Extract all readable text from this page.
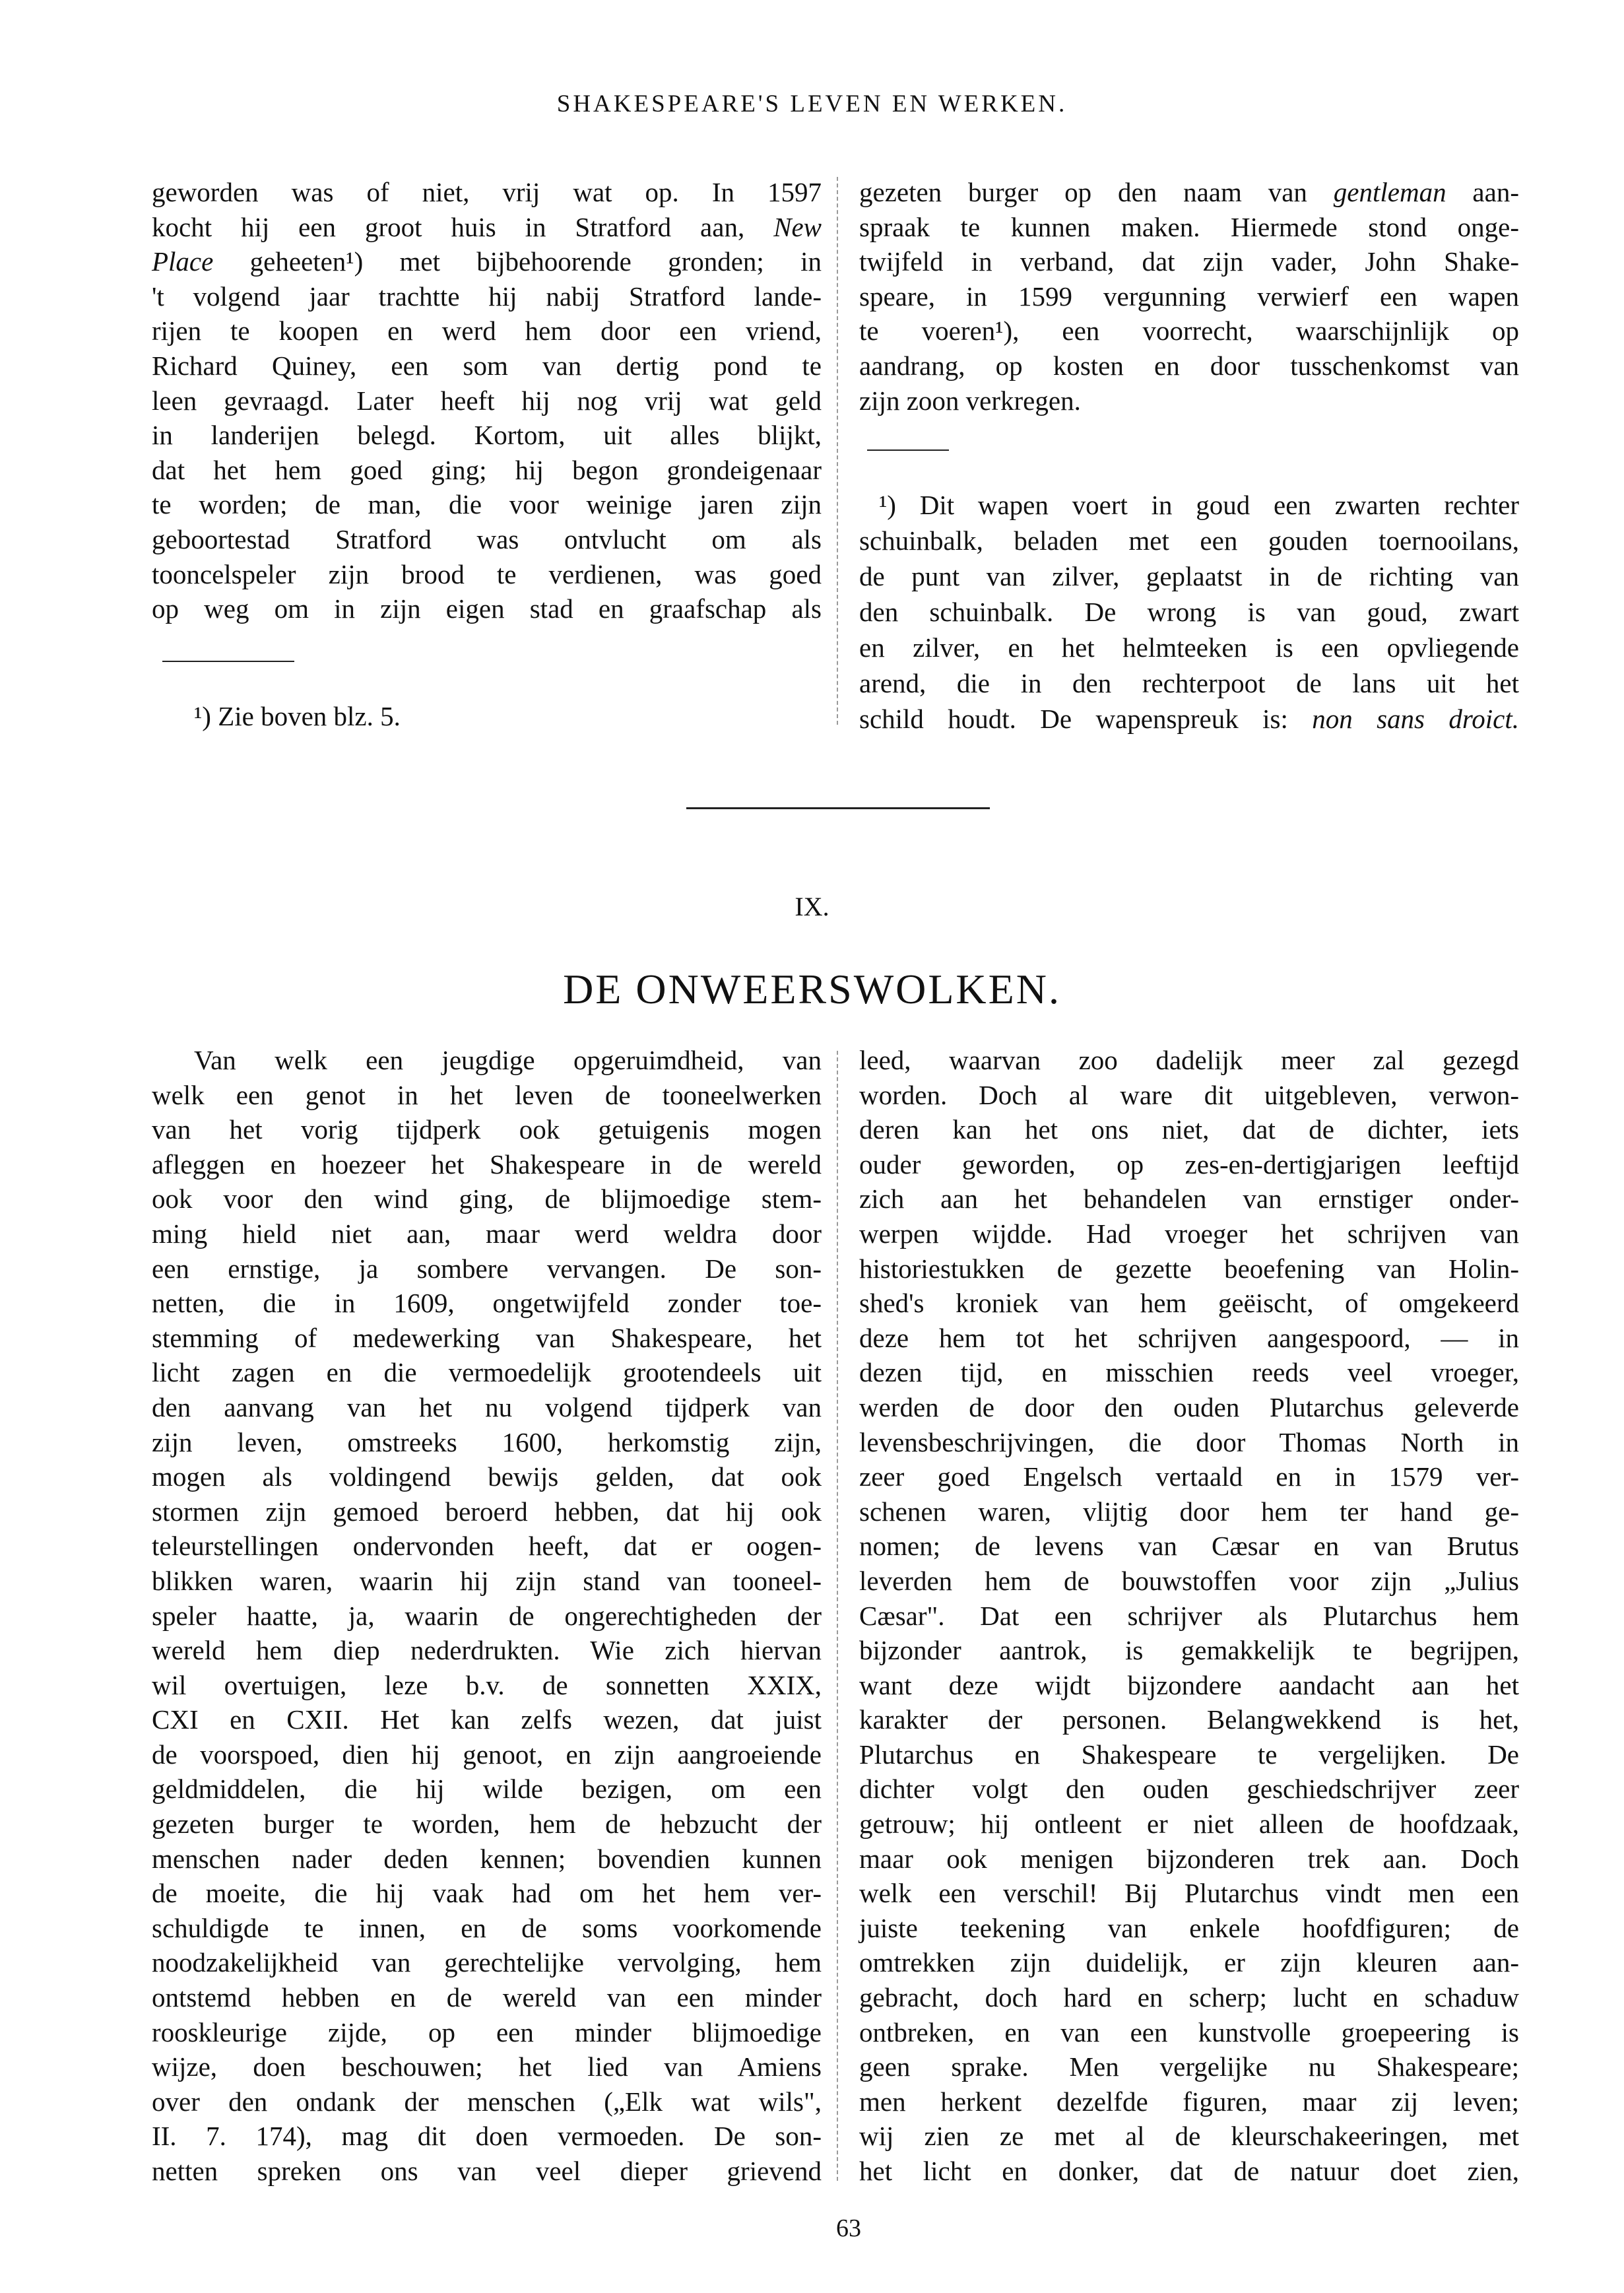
SHAKESPEARE'S LEVEN EN WERKEN.
geworden was of niet, vrij wat op. In 1597
kocht hij een groot huis in Stratford aan, New
Place geheeten¹) met bijbehoorende gronden; in
't volgend jaar trachtte hij nabij Stratford lande-
rijen te koopen en werd hem door een vriend,
Richard Quiney, een som van dertig pond te
leen gevraagd. Later heeft hij nog vrij wat geld
in landerijen belegd. Kortom, uit alles blijkt,
dat het hem goed ging; hij begon grondeigenaar
te worden; de man, die voor weinige jaren zijn
geboortestad Stratford was ontvlucht om als
tooncelspeler zijn brood te verdienen, was goed
op weg om in zijn eigen stad en graafschap als
¹) Zie boven blz. 5.
gezeten burger op den naam van gentleman aan-
spraak te kunnen maken. Hiermede stond onge-
twijfeld in verband, dat zijn vader, John Shake-
speare, in 1599 vergunning verwierf een wapen
te voeren¹), een voorrecht, waarschijnlijk op
aandrang, op kosten en door tusschenkomst van
zijn zoon verkregen.
¹) Dit wapen voert in goud een zwarten rechter
schuinbalk, beladen met een gouden toernooilans,
de punt van zilver, geplaatst in de richting van
den schuinbalk. De wrong is van goud, zwart
en zilver, en het helmteeken is een opvliegende
arend, die in den rechterpoot de lans uit het
schild houdt. De wapenspreuk is: non sans droict.
IX.
DE ONWEERSWOLKEN.
Van welk een jeugdige opgeruimdheid, van
welk een genot in het leven de tooneelwerken
van het vorig tijdperk ook getuigenis mogen
afleggen en hoezeer het Shakespeare in de wereld
ook voor den wind ging, de blijmoedige stem-
ming hield niet aan, maar werd weldra door
een ernstige, ja sombere vervangen. De son-
netten, die in 1609, ongetwijfeld zonder toe-
stemming of medewerking van Shakespeare, het
licht zagen en die vermoedelijk grootendeels uit
den aanvang van het nu volgend tijdperk van
zijn leven, omstreeks 1600, herkomstig zijn,
mogen als voldingend bewijs gelden, dat ook
stormen zijn gemoed beroerd hebben, dat hij ook
teleurstellingen ondervonden heeft, dat er oogen-
blikken waren, waarin hij zijn stand van tooneel-
speler haatte, ja, waarin de ongerechtigheden der
wereld hem diep nederdrukten. Wie zich hiervan
wil overtuigen, leze b.v. de sonnetten XXIX,
CXI en CXII. Het kan zelfs wezen, dat juist
de voorspoed, dien hij genoot, en zijn aangroeiende
geldmiddelen, die hij wilde bezigen, om een
gezeten burger te worden, hem de hebzucht der
menschen nader deden kennen; bovendien kunnen
de moeite, die hij vaak had om het hem ver-
schuldigde te innen, en de soms voorkomende
noodzakelijkheid van gerechtelijke vervolging, hem
ontstemd hebben en de wereld van een minder
rooskleurige zijde, op een minder blijmoedige
wijze, doen beschouwen; het lied van Amiens
over den ondank der menschen („Elk wat wils",
II. 7. 174), mag dit doen vermoeden. De son-
netten spreken ons van veel dieper grievend
leed, waarvan zoo dadelijk meer zal gezegd
worden. Doch al ware dit uitgebleven, verwon-
deren kan het ons niet, dat de dichter, iets
ouder geworden, op zes-en-dertigjarigen leeftijd
zich aan het behandelen van ernstiger onder-
werpen wijdde. Had vroeger het schrijven van
historiestukken de gezette beoefening van Holin-
shed's kroniek van hem geëischt, of omgekeerd
deze hem tot het schrijven aangespoord, — in
dezen tijd, en misschien reeds veel vroeger,
werden de door den ouden Plutarchus geleverde
levensbeschrijvingen, die door Thomas North in
zeer goed Engelsch vertaald en in 1579 ver-
schenen waren, vlijtig door hem ter hand ge-
nomen; de levens van Cæsar en van Brutus
leverden hem de bouwstoffen voor zijn „Julius
Cæsar". Dat een schrijver als Plutarchus hem
bijzonder aantrok, is gemakkelijk te begrijpen,
want deze wijdt bijzondere aandacht aan het
karakter der personen. Belangwekkend is het,
Plutarchus en Shakespeare te vergelijken. De
dichter volgt den ouden geschiedschrijver zeer
getrouw; hij ontleent er niet alleen de hoofdzaak,
maar ook menigen bijzonderen trek aan. Doch
welk een verschil! Bij Plutarchus vindt men een
juiste teekening van enkele hoofdfiguren; de
omtrekken zijn duidelijk, er zijn kleuren aan-
gebracht, doch hard en scherp; lucht en schaduw
ontbreken, en van een kunstvolle groepeering is
geen sprake. Men vergelijke nu Shakespeare;
men herkent dezelfde figuren, maar zij leven;
wij zien ze met al de kleurschakeeringen, met
het licht en donker, dat de natuur doet zien,
63
